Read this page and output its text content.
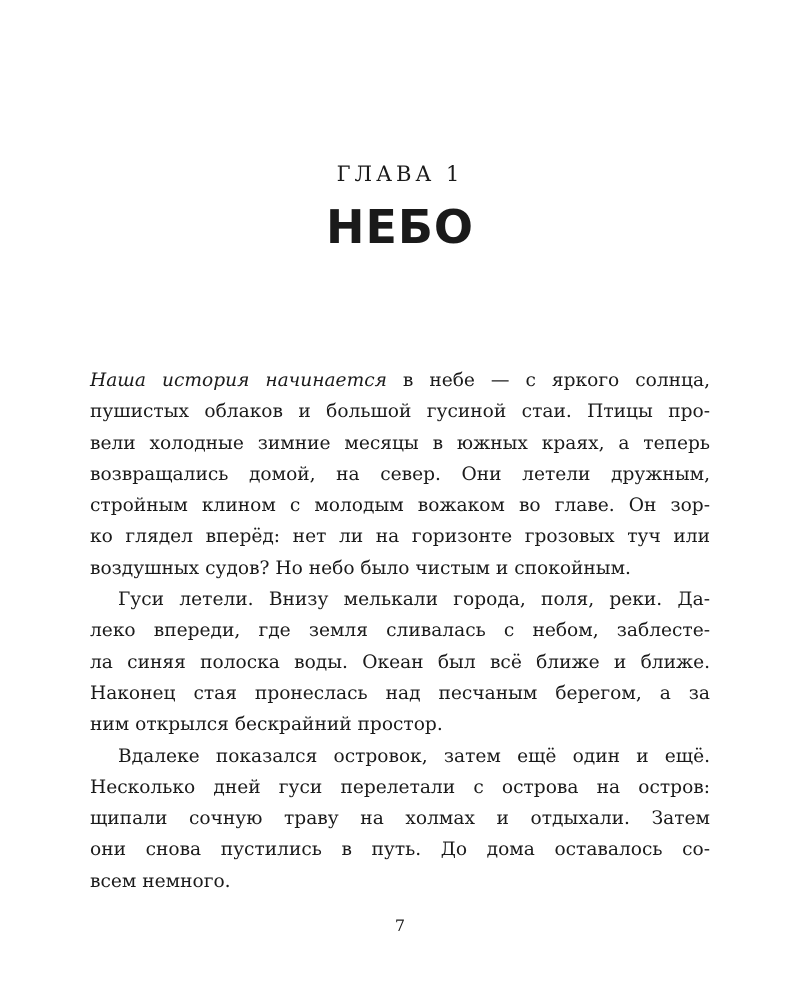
ГЛАВА 1
НЕБО
Наша история начинается в небе — с яркого солнца,
пушистых облаков и большой гусиной стаи. Птицы про-
вели холодные зимние месяцы в южных краях, а теперь
возвращались домой, на север. Они летели дружным,
стройным клином с молодым вожаком во главе. Он зор-
ко глядел вперёд: нет ли на горизонте грозовых туч или
воздушных судов? Но небо было чистым и спокойным.
Гуси летели. Внизу мелькали города, поля, реки. Да-
леко впереди, где земля сливалась с небом, заблесте-
ла синяя полоска воды. Океан был всё ближе и ближе.
Наконец стая пронеслась над песчаным берегом, а за
ним открылся бескрайний простор.
Вдалеке показался островок, затем ещё один и ещё.
Несколько дней гуси перелетали с острова на остров:
щипали сочную траву на холмах и отдыхали. Затем
они снова пустились в путь. До дома оставалось со-
всем немного.
7
